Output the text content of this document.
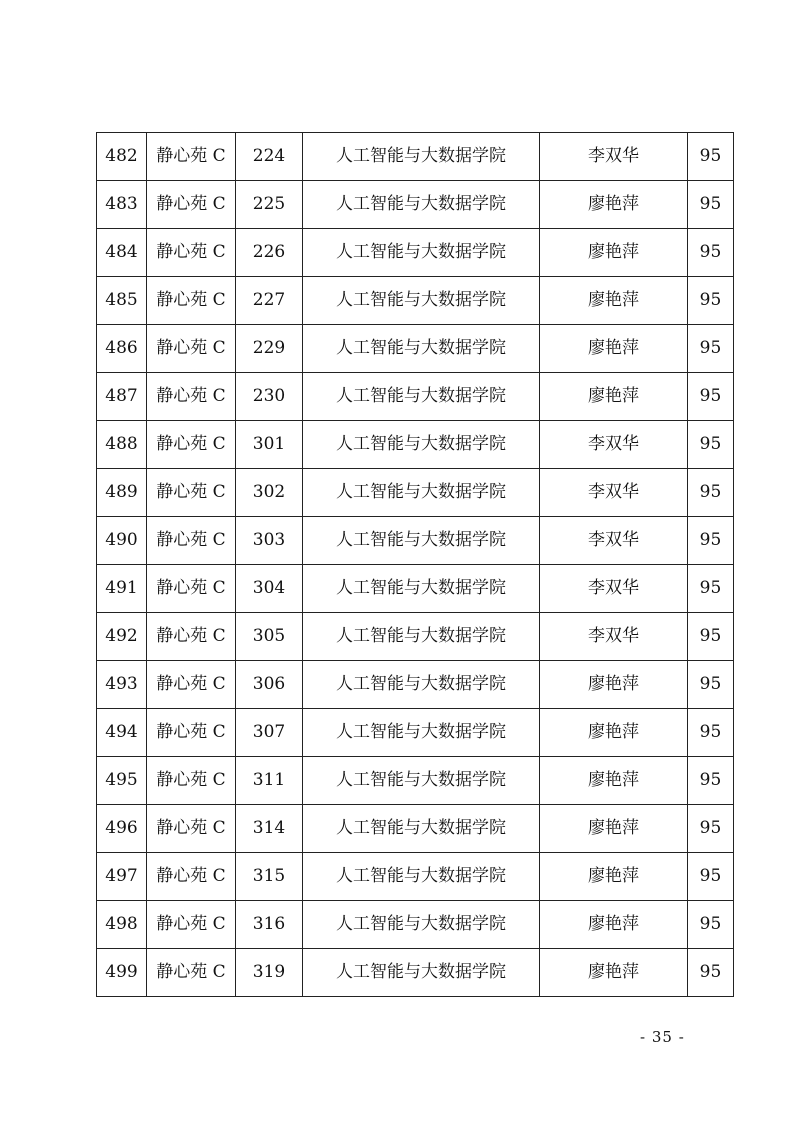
482	静心苑 C	224	人工智能与大数据学院	李双华	95
483	静心苑 C	225	人工智能与大数据学院	廖艳萍	95
484	静心苑 C	226	人工智能与大数据学院	廖艳萍	95
485	静心苑 C	227	人工智能与大数据学院	廖艳萍	95
486	静心苑 C	229	人工智能与大数据学院	廖艳萍	95
487	静心苑 C	230	人工智能与大数据学院	廖艳萍	95
488	静心苑 C	301	人工智能与大数据学院	李双华	95
489	静心苑 C	302	人工智能与大数据学院	李双华	95
490	静心苑 C	303	人工智能与大数据学院	李双华	95
491	静心苑 C	304	人工智能与大数据学院	李双华	95
492	静心苑 C	305	人工智能与大数据学院	李双华	95
493	静心苑 C	306	人工智能与大数据学院	廖艳萍	95
494	静心苑 C	307	人工智能与大数据学院	廖艳萍	95
495	静心苑 C	311	人工智能与大数据学院	廖艳萍	95
496	静心苑 C	314	人工智能与大数据学院	廖艳萍	95
497	静心苑 C	315	人工智能与大数据学院	廖艳萍	95
498	静心苑 C	316	人工智能与大数据学院	廖艳萍	95
499	静心苑 C	319	人工智能与大数据学院	廖艳萍	95
- 35 -
